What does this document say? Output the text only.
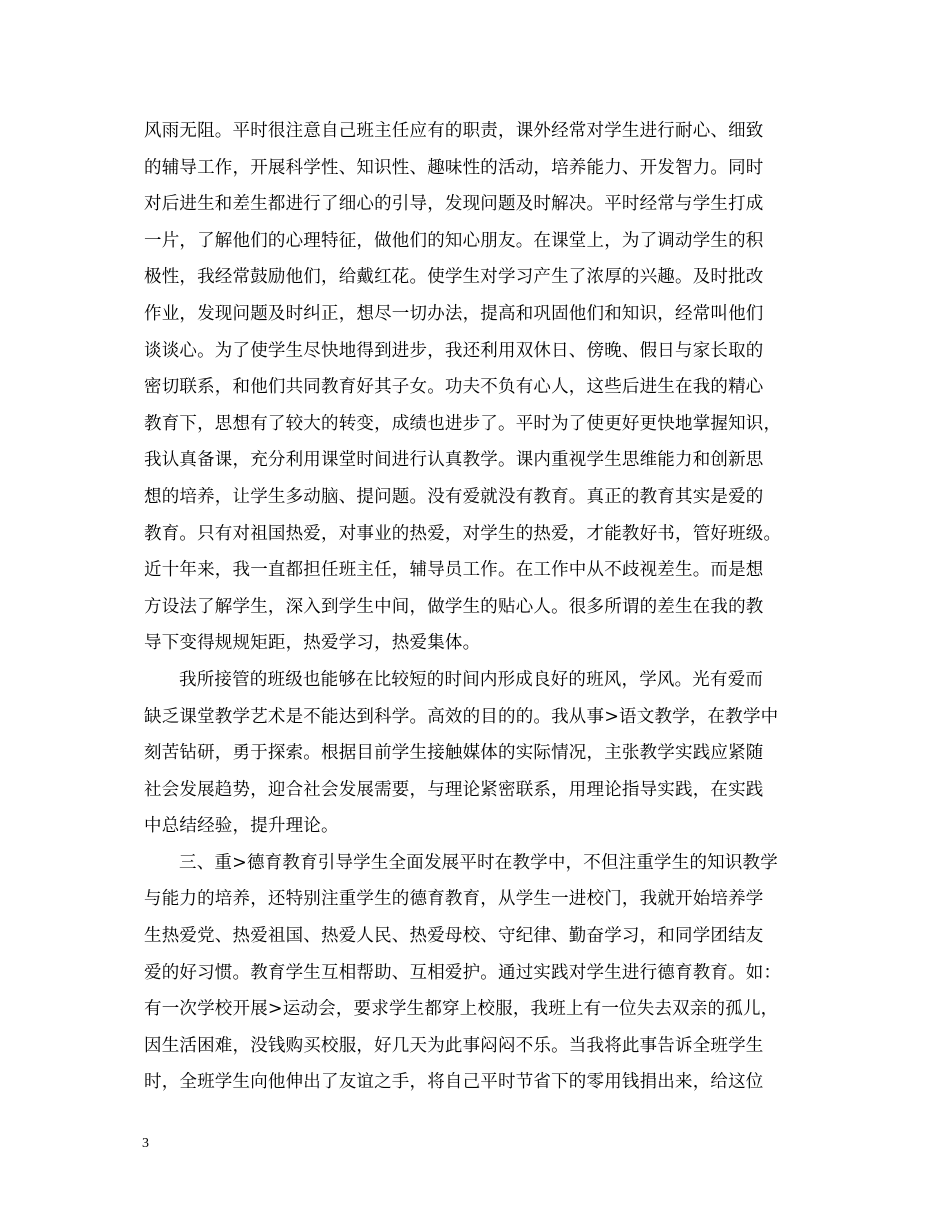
风雨无阻。平时很注意自己班主任应有的职责，课外经常对学生进行耐心、细致
的辅导工作，开展科学性、知识性、趣味性的活动，培养能力、开发智力。同时
对后进生和差生都进行了细心的引导，发现问题及时解决。平时经常与学生打成
一片，了解他们的心理特征，做他们的知心朋友。在课堂上，为了调动学生的积
极性，我经常鼓励他们，给戴红花。使学生对学习产生了浓厚的兴趣。及时批改
作业，发现问题及时纠正，想尽一切办法，提高和巩固他们和知识，经常叫他们
谈谈心。为了使学生尽快地得到进步，我还利用双休日、傍晚、假日与家长取的
密切联系，和他们共同教育好其子女。功夫不负有心人，这些后进生在我的精心
教育下，思想有了较大的转变，成绩也进步了。平时为了使更好更快地掌握知识，
我认真备课，充分利用课堂时间进行认真教学。课内重视学生思维能力和创新思
想的培养，让学生多动脑、提问题。没有爱就没有教育。真正的教育其实是爱的
教育。只有对祖国热爱，对事业的热爱，对学生的热爱，才能教好书，管好班级。
近十年来，我一直都担任班主任，辅导员工作。在工作中从不歧视差生。而是想
方设法了解学生，深入到学生中间，做学生的贴心人。很多所谓的差生在我的教
导下变得规规矩距，热爱学习，热爱集体。
我所接管的班级也能够在比较短的时间内形成良好的班风，学风。光有爱而
缺乏课堂教学艺术是不能达到科学。高效的目的的。我从事>语文教学，在教学中
刻苦钻研，勇于探索。根据目前学生接触媒体的实际情况，主张教学实践应紧随
社会发展趋势，迎合社会发展需要，与理论紧密联系，用理论指导实践，在实践
中总结经验，提升理论。
三、重>德育教育引导学生全面发展平时在教学中，不但注重学生的知识教学
与能力的培养，还特别注重学生的德育教育，从学生一进校门，我就开始培养学
生热爱党、热爱祖国、热爱人民、热爱母校、守纪律、勤奋学习，和同学团结友
爱的好习惯。教育学生互相帮助、互相爱护。通过实践对学生进行德育教育。如：
有一次学校开展>运动会，要求学生都穿上校服，我班上有一位失去双亲的孤儿，
因生活困难，没钱购买校服，好几天为此事闷闷不乐。当我将此事告诉全班学生
时，全班学生向他伸出了友谊之手，将自己平时节省下的零用钱捐出来，给这位
3
